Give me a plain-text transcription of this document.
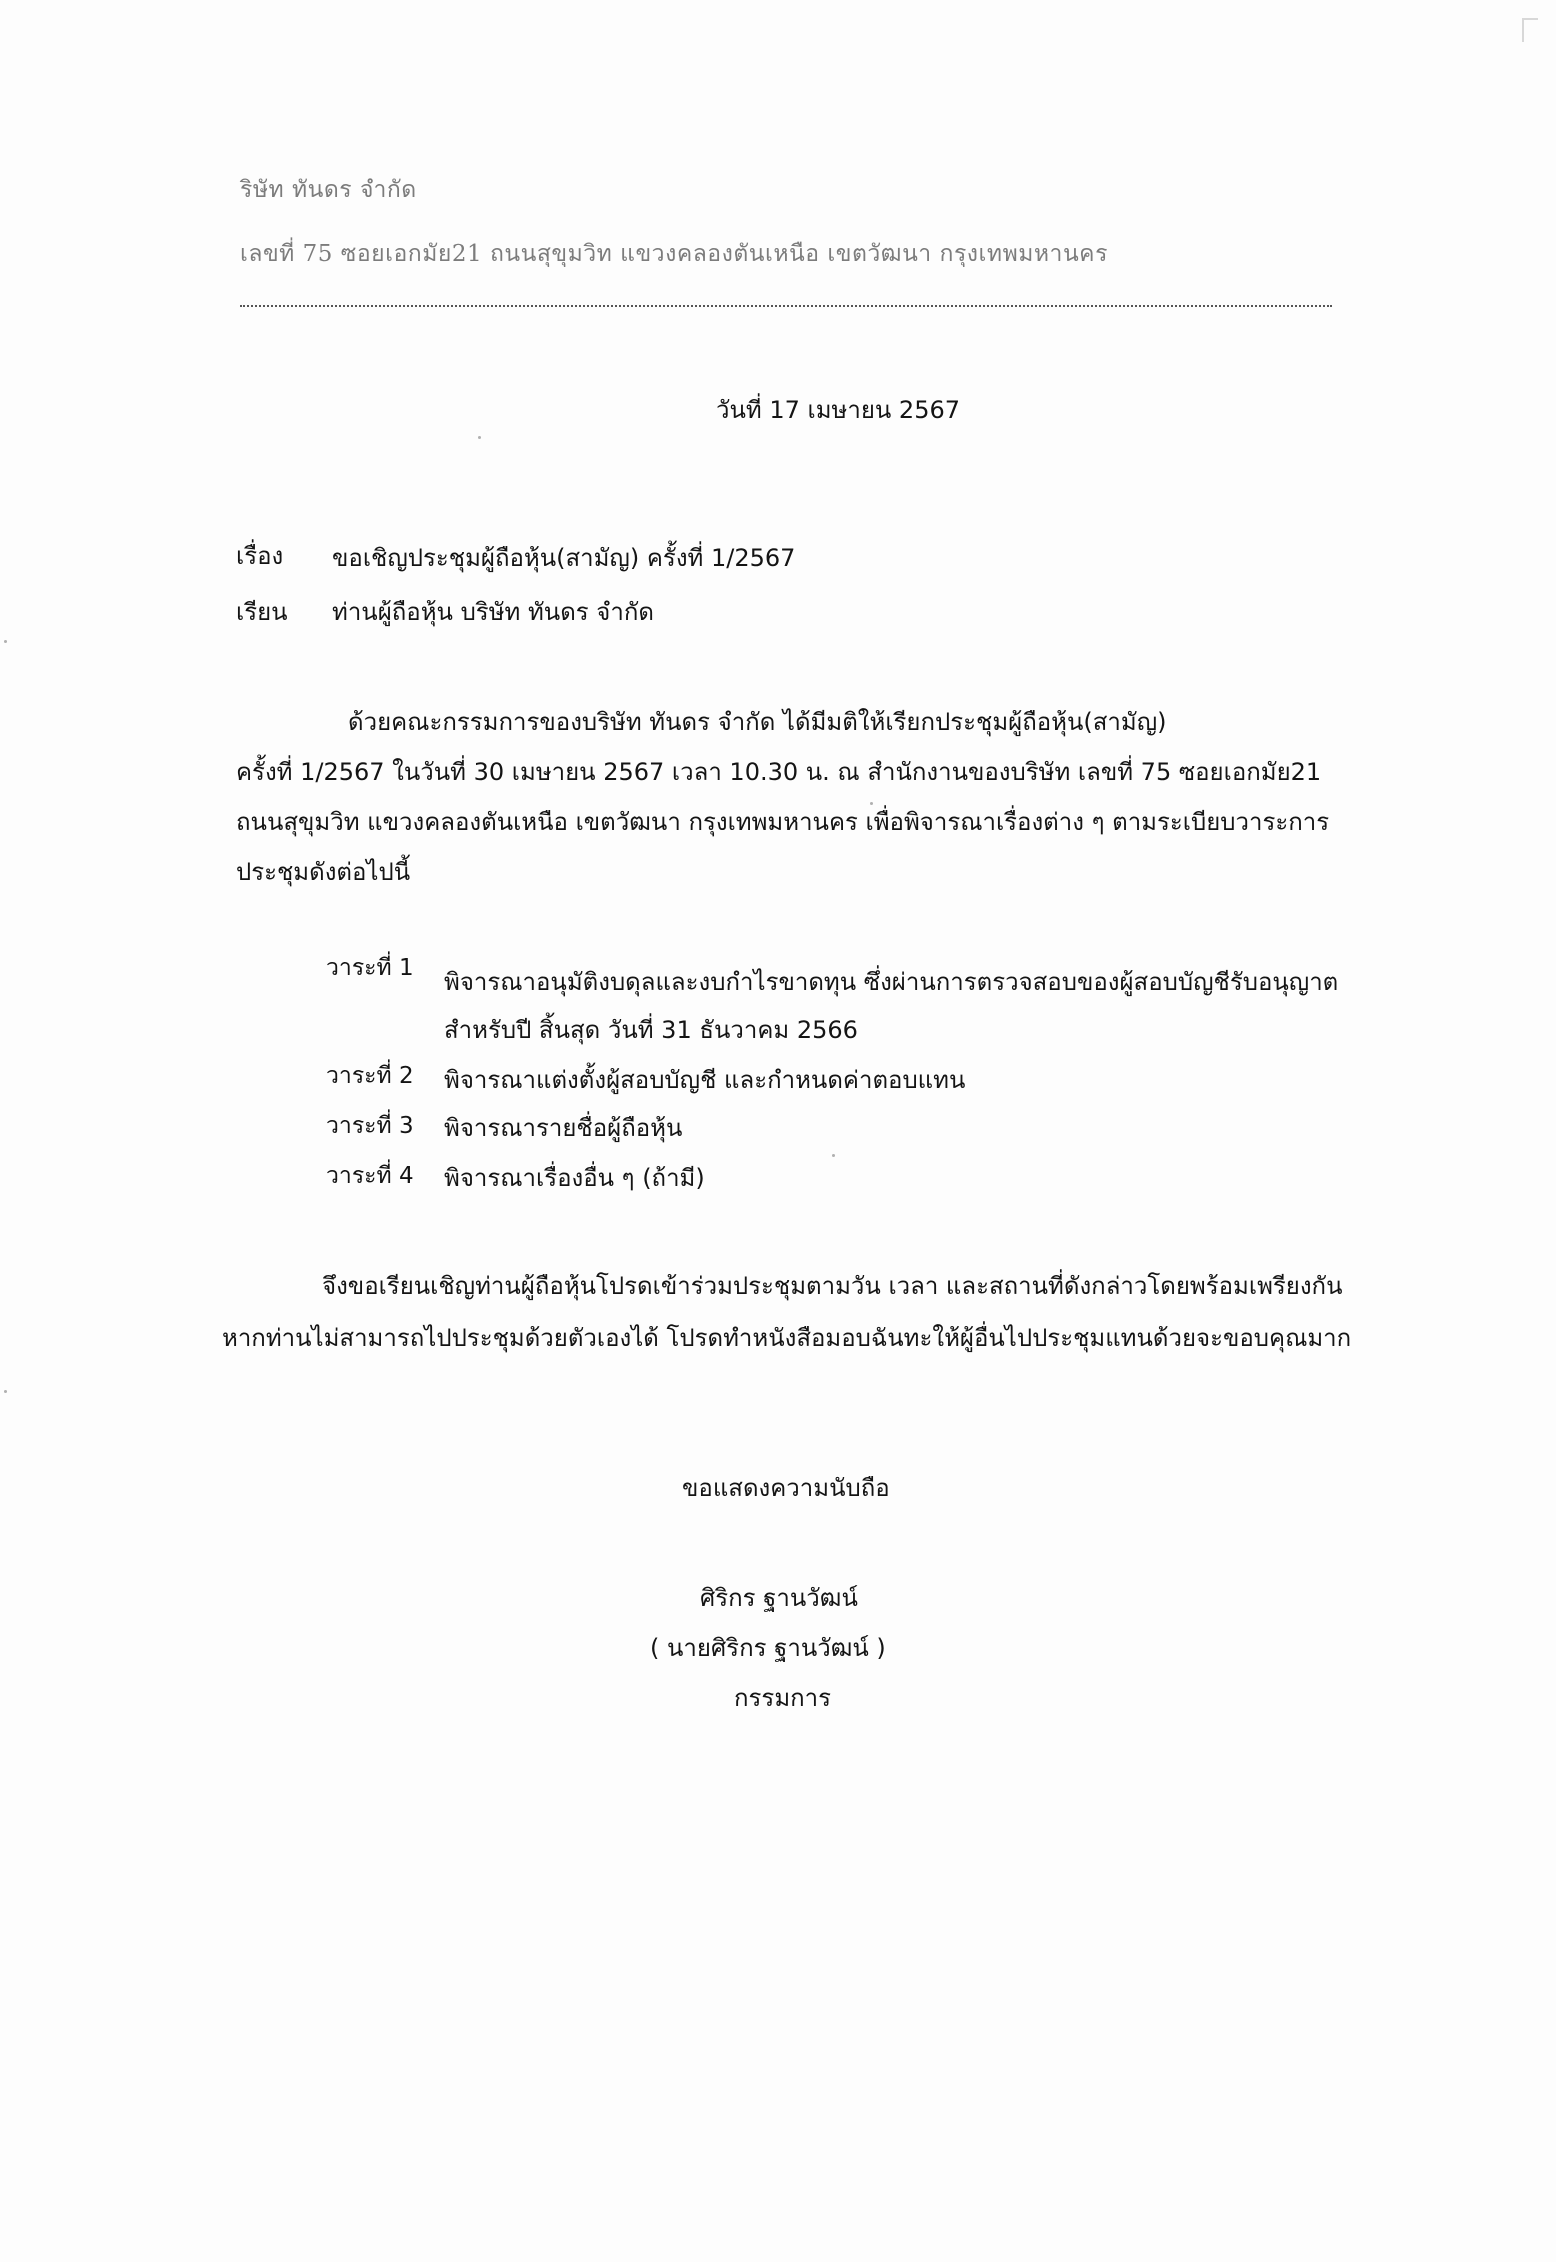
ริษัท ทันดร จำกัด
เลขที่ 75 ซอยเอกมัย21 ถนนสุขุมวิท แขวงคลองตันเหนือ เขตวัฒนา กรุงเทพมหานคร
วันที่ 17 เมษายน 2567
เรื่อง ขอเชิญประชุมผู้ถือหุ้น(สามัญ) ครั้งที่ 1/2567
เรียน ท่านผู้ถือหุ้น บริษัท ทันดร จำกัด
ด้วยคณะกรรมการของบริษัท ทันดร จำกัด ได้มีมติให้เรียกประชุมผู้ถือหุ้น(สามัญ)
ครั้งที่ 1/2567 ในวันที่ 30 เมษายน 2567 เวลา 10.30 น. ณ สำนักงานของบริษัท เลขที่ 75 ซอยเอกมัย21
ถนนสุขุมวิท แขวงคลองตันเหนือ เขตวัฒนา กรุงเทพมหานคร เพื่อพิจารณาเรื่องต่าง ๆ ตามระเบียบวาระการ
ประชุมดังต่อไปนี้
วาระที่ 1 พิจารณาอนุมัติงบดุลและงบกำไรขาดทุน ซึ่งผ่านการตรวจสอบของผู้สอบบัญชีรับอนุญาต
สำหรับปี สิ้นสุด วันที่ 31 ธันวาคม 2566
วาระที่ 2 พิจารณาแต่งตั้งผู้สอบบัญชี และกำหนดค่าตอบแทน
วาระที่ 3 พิจารณารายชื่อผู้ถือหุ้น
วาระที่ 4 พิจารณาเรื่องอื่น ๆ (ถ้ามี)
จึงขอเรียนเชิญท่านผู้ถือหุ้นโปรดเข้าร่วมประชุมตามวัน เวลา และสถานที่ดังกล่าวโดยพร้อมเพรียงกัน
หากท่านไม่สามารถไปประชุมด้วยตัวเองได้ โปรดทำหนังสือมอบฉันทะให้ผู้อื่นไปประชุมแทนด้วยจะขอบคุณมาก
ขอแสดงความนับถือ
ศิริกร ฐานวัฒน์
( นายศิริกร ฐานวัฒน์ )
กรรมการ
